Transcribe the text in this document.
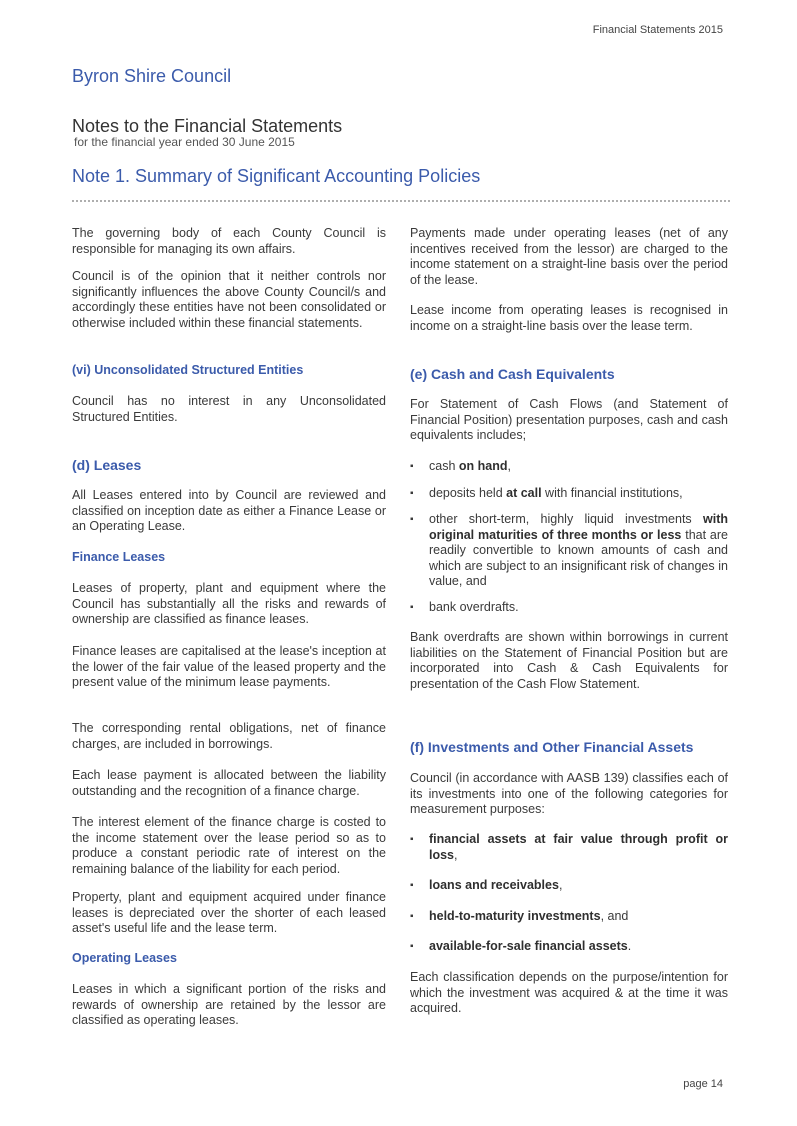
Financial Statements 2015
Byron Shire Council
Notes to the Financial Statements
for the financial year ended 30 June 2015
Note 1. Summary of Significant Accounting Policies

The governing body of each County Council is responsible for managing its own affairs.

Council is of the opinion that it neither controls nor significantly influences the above County Council/s and accordingly these entities have not been consolidated or otherwise included within these financial statements.

(vi) Unconsolidated Structured Entities

Council has no interest in any Unconsolidated Structured Entities.

(d) Leases

All Leases entered into by Council are reviewed and classified on inception date as either a Finance Lease or an Operating Lease.

Finance Leases

Leases of property, plant and equipment where the Council has substantially all the risks and rewards of ownership are classified as finance leases.

Finance leases are capitalised at the lease's inception at the lower of the fair value of the leased property and the present value of the minimum lease payments.

The corresponding rental obligations, net of finance charges, are included in borrowings.

Each lease payment is allocated between the liability outstanding and the recognition of a finance charge.

The interest element of the finance charge is costed to the income statement over the lease period so as to produce a constant periodic rate of interest on the remaining balance of the liability for each period.

Property, plant and equipment acquired under finance leases is depreciated over the shorter of each leased asset's useful life and the lease term.

Operating Leases

Leases in which a significant portion of the risks and rewards of ownership are retained by the lessor are classified as operating leases.

Payments made under operating leases (net of any incentives received from the lessor) are charged to the income statement on a straight-line basis over the period of the lease.

Lease income from operating leases is recognised in income on a straight-line basis over the lease term.

(e) Cash and Cash Equivalents

For Statement of Cash Flows (and Statement of Financial Position) presentation purposes, cash and cash equivalents includes;

▪ cash on hand,
▪ deposits held at call with financial institutions,
▪ other short-term, highly liquid investments with original maturities of three months or less that are readily convertible to known amounts of cash and which are subject to an insignificant risk of changes in value, and
▪ bank overdrafts.

Bank overdrafts are shown within borrowings in current liabilities on the Statement of Financial Position but are incorporated into Cash & Cash Equivalents for presentation of the Cash Flow Statement.

(f) Investments and Other Financial Assets

Council (in accordance with AASB 139) classifies each of its investments into one of the following categories for measurement purposes:

▪ financial assets at fair value through profit or loss,
▪ loans and receivables,
▪ held-to-maturity investments, and
▪ available-for-sale financial assets.

Each classification depends on the purpose/intention for which the investment was acquired & at the time it was acquired.

page 14
